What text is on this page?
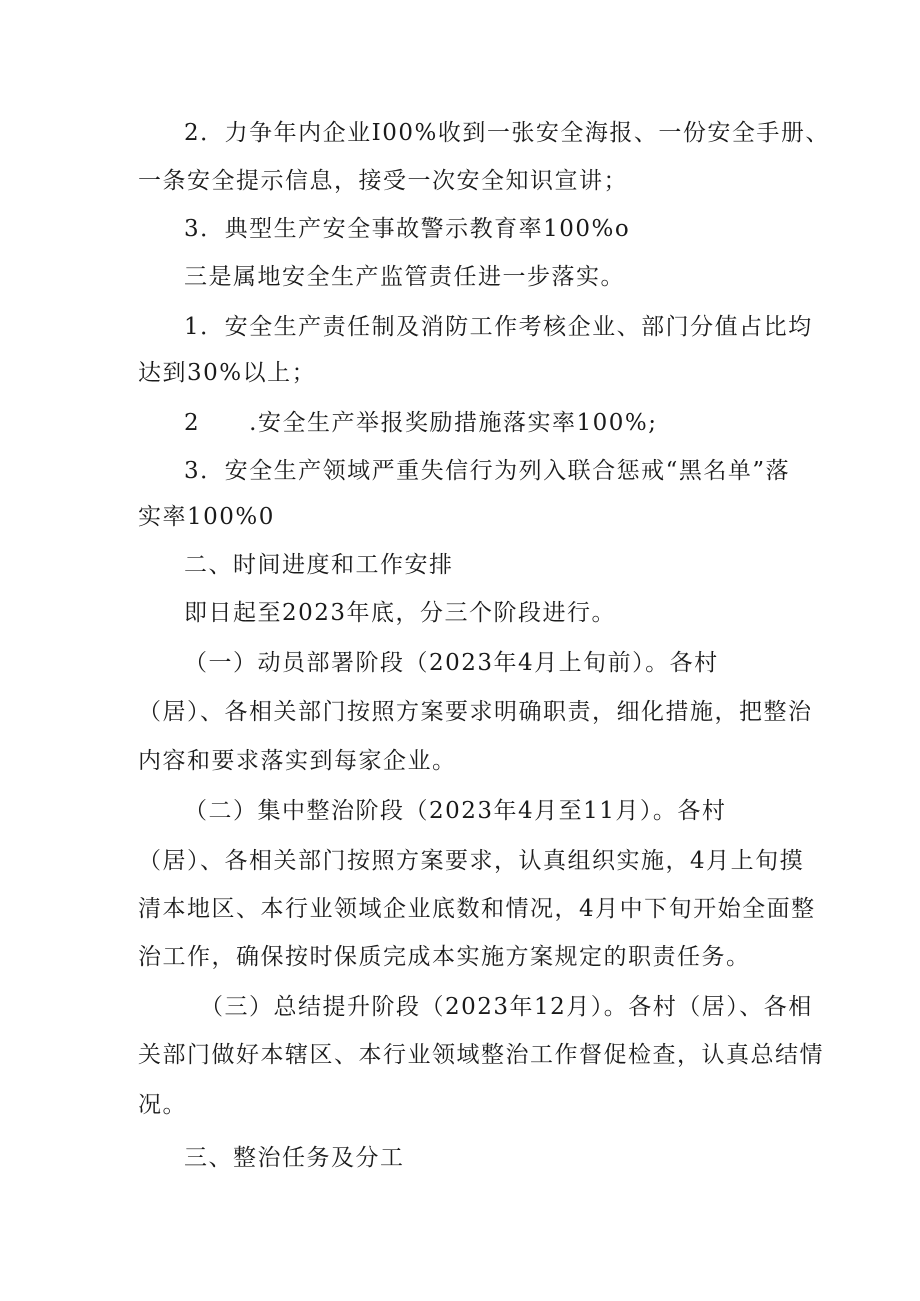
2．力争年内企业I00%收到一张安全海报、一份安全手册、
一条安全提示信息，接受一次安全知识宣讲；
3．典型生产安全事故警示教育率100%o
三是属地安全生产监管责任进一步落实。
1．安全生产责任制及消防工作考核企业、部门分值占比均
达到30%以上；
2　　.安全生产举报奖励措施落实率100%;
3．安全生产领域严重失信行为列入联合惩戒“黑名单”落
实率100%0
二、时间进度和工作安排
即日起至2023年底，分三个阶段进行。
（一）动员部署阶段（2023年4月上旬前）。各村
（居）、各相关部门按照方案要求明确职责，细化措施，把整治
内容和要求落实到每家企业。
（二）集中整治阶段（2023年4月至11月）。各村
（居）、各相关部门按照方案要求，认真组织实施，4月上旬摸
清本地区、本行业领域企业底数和情况，4月中下旬开始全面整
治工作，确保按时保质完成本实施方案规定的职责任务。
（三）总结提升阶段（2023年12月）。各村（居）、各相
关部门做好本辖区、本行业领域整治工作督促检查，认真总结情
况。
三、整治任务及分工
